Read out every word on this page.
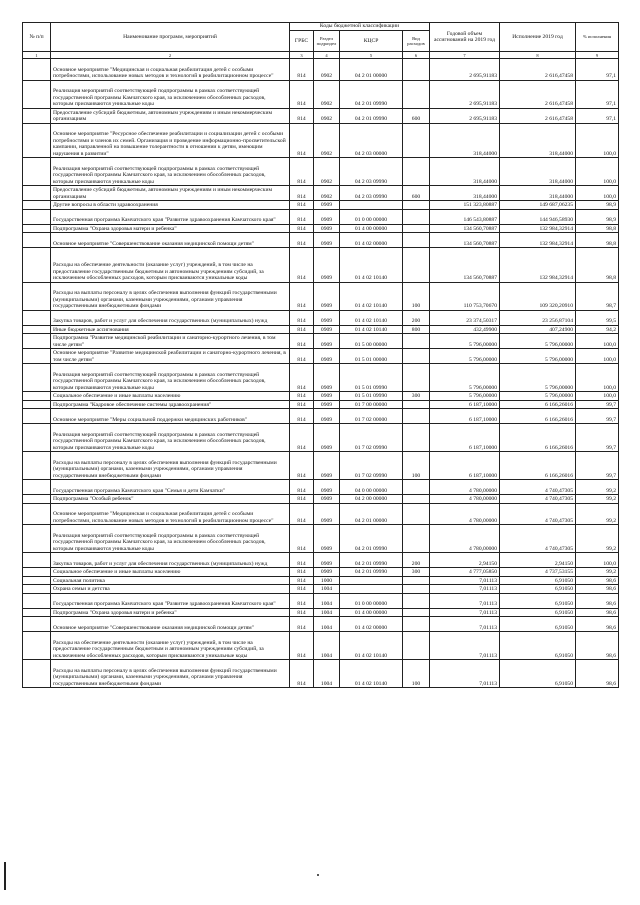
№ п/п	Наименование программ, мероприятий	Коды бюджетной классификации				Годовой объем ассигнований на 2019 год	Исполнение 2019 год	% исполнения
		ГРБС	Раздел подраздел	КЦСР	Вид расходов			
1	2	3	4	5	6	7	8	9
	Основное мероприятие "Медицинская и социальная реабилитация детей с особыми потребностями, использование новых методов и технологий в реабилитационном процессе"	814	0902	04 2 01 00000		2 695,91183	2 616,47458	97,1
	Реализация мероприятий соответствующей подпрограммы в рамках соответствующей государственной программы Камчатского края, за исключением обособленных расходов, которым присваиваются уникальные коды	814	0902	04 2 01 09990		2 695,91183	2 616,47458	97,1
	Предоставление субсидий бюджетным, автономным учреждениям и иным некоммерческим организациям	814	0902	04 2 01 09990	600	2 695,91183	2 616,47458	97,1
	Основное мероприятие "Ресурсное обеспечение реабилитации и социализации детей с особыми потребностями и членов их семей. Организация и проведение информационно-просветительской кампании, направленной на повышение толерантности в отношении к детям, имеющим нарушения в развитии"	814	0902	04 2 03 00000		318,44000	318,44000	100,0
	Реализация мероприятий соответствующей подпрограммы в рамках соответствующей государственной программы Камчатского края, за исключением обособленных расходов, которым присваиваются уникальные коды	814	0902	04 2 03 09990		318,44000	318,44000	100,0
	Предоставление субсидий бюджетным, автономным учреждениям и иным некоммерческим организациям	814	0902	04 2 03 09990	600	318,44000	318,44000	100,0
	Другие вопросы в области здравоохранения	814	0909			151 323,80887	149 687,06235	98,9
	Государственная программа Камчатского края "Развитие здравоохранения Камчатского края"	814	0909	01 0 00 00000		146 543,80887	144 946,58930	98,9
	Подпрограмма "Охрана здоровья матери и ребенка"	814	0909	01 4 00 00000		134 560,70887	132 984,32914	98,8
	Основное мероприятие "Совершенствование оказания медицинской помощи детям"	814	0909	01 4 02 00000		134 560,70887	132 984,32914	98,8
	Расходы на обеспечение деятельности (оказание услуг) учреждений, в том числе на предоставление государственным бюджетным и автономным учреждениям субсидий, за исключением обособленных расходов, которым присваиваются уникальные коды	814	0909	01 4 02 10140		134 560,70887	132 984,32914	98,8
	Расходы на выплаты персоналу в целях обеспечения выполнения функций государственными (муниципальными) органами, казенными учреждениями, органами управления государственными внебюджетными фондами	814	0909	01 4 02 10140	100	110 753,70670	109 320,20910	98,7
	Закупка товаров, работ и услуг для обеспечения государственных (муниципальных) нужд	814	0909	01 4 02 10140	200	23 374,50317	23 256,87104	99,5
	Иные бюджетные ассигнования	814	0909	01 4 02 10140	800	432,49900	407,24900	94,2
	Подпрограмма "Развитие медицинской реабилитации и санаторно-курортного лечения, в том числе детям"	814	0909	01 5 00 00000		5 796,00000	5 796,00000	100,0
	Основное мероприятие "Развитие медицинской реабилитации и санаторно-курортного лечения, в том числе детям"	814	0909	01 5 01 00000		5 796,00000	5 796,00000	100,0
	Реализация мероприятий соответствующей подпрограммы в рамках соответствующей государственной программы Камчатского края, за исключением обособленных расходов, которым присваиваются уникальные коды	814	0909	01 5 01 09990		5 796,00000	5 796,00000	100,0
	Социальное обеспечение и иные выплаты населению	814	0909	01 5 01 09990	300	5 796,00000	5 796,00000	100,0
	Подпрограмма "Кадровое обеспечение системы здравоохранения"	814	0909	01 7 00 00000		6 187,10000	6 166,26016	99,7
	Основное мероприятие "Меры социальной поддержки медицинских работников"	814	0909	01 7 02 00000		6 187,10000	6 166,26016	99,7
	Реализация мероприятий соответствующей подпрограммы в рамках соответствующей государственной программы Камчатского края, за исключением обособленных расходов, которым присваиваются уникальные коды	814	0909	01 7 02 09990		6 187,10000	6 166,26016	99,7
	Расходы на выплаты персоналу в целях обеспечения выполнения функций государственными (муниципальными) органами, казенными учреждениями, органами управления государственными внебюджетными фондами	814	0909	01 7 02 09990	100	6 187,10000	6 166,26016	99,7
	Государственная программа Камчатского края "Семья и дети Камчатки"	814	0909	04 0 00 00000		4 780,00000	4 740,47305	99,2
	Подпрограмма "Особый ребенок"	814	0909	04 2 00 00000		4 780,00000	4 740,47305	99,2
	Основное мероприятие "Медицинская и социальная реабилитация детей с особыми потребностями, использование новых методов и технологий в реабилитационном процессе"	814	0909	04 2 01 00000		4 780,00000	4 740,47305	99,2
	Реализация мероприятий соответствующей подпрограммы в рамках соответствующей государственной программы Камчатского края, за исключением обособленных расходов, которым присваиваются уникальные коды	814	0909	04 2 01 09990		4 780,00000	4 740,47305	99,2
	Закупка товаров, работ и услуг для обеспечения государственных (муниципальных) нужд	814	0909	04 2 01 09990	200	2,94150	2,94150	100,0
	Социальное обеспечение и иные выплаты населению	814	0909	04 2 01 09990	300	4 777,05850	4 737,53155	99,2
	Социальная политика	814	1000			7,01113	6,91050	98,6
	Охрана семьи и детства	814	1004			7,01113	6,91050	98,6
	Государственная программа Камчатского края "Развитие здравоохранения Камчатского края"	814	1004	01 0 00 00000		7,01113	6,91050	98,6
	Подпрограмма "Охрана здоровья матери и ребенка"	814	1004	01 4 00 00000		7,01113	6,91050	98,6
	Основное мероприятие "Совершенствование оказания медицинской помощи детям"	814	1004	01 4 02 00000		7,01113	6,91050	98,6
	Расходы на обеспечение деятельности (оказание услуг) учреждений, в том числе на предоставление государственным бюджетным и автономным учреждениям субсидий, за исключением обособленных расходов, которым присваиваются уникальные коды	814	1004	01 4 02 10140		7,01113	6,91050	98,6
	Расходы на выплаты персоналу в целях обеспечения выполнения функций государственными (муниципальными) органами, казенными учреждениями, органами управления государственными внебюджетными фондами	814	1004	01 4 02 10140	100	7,01113	6,91050	98,6
